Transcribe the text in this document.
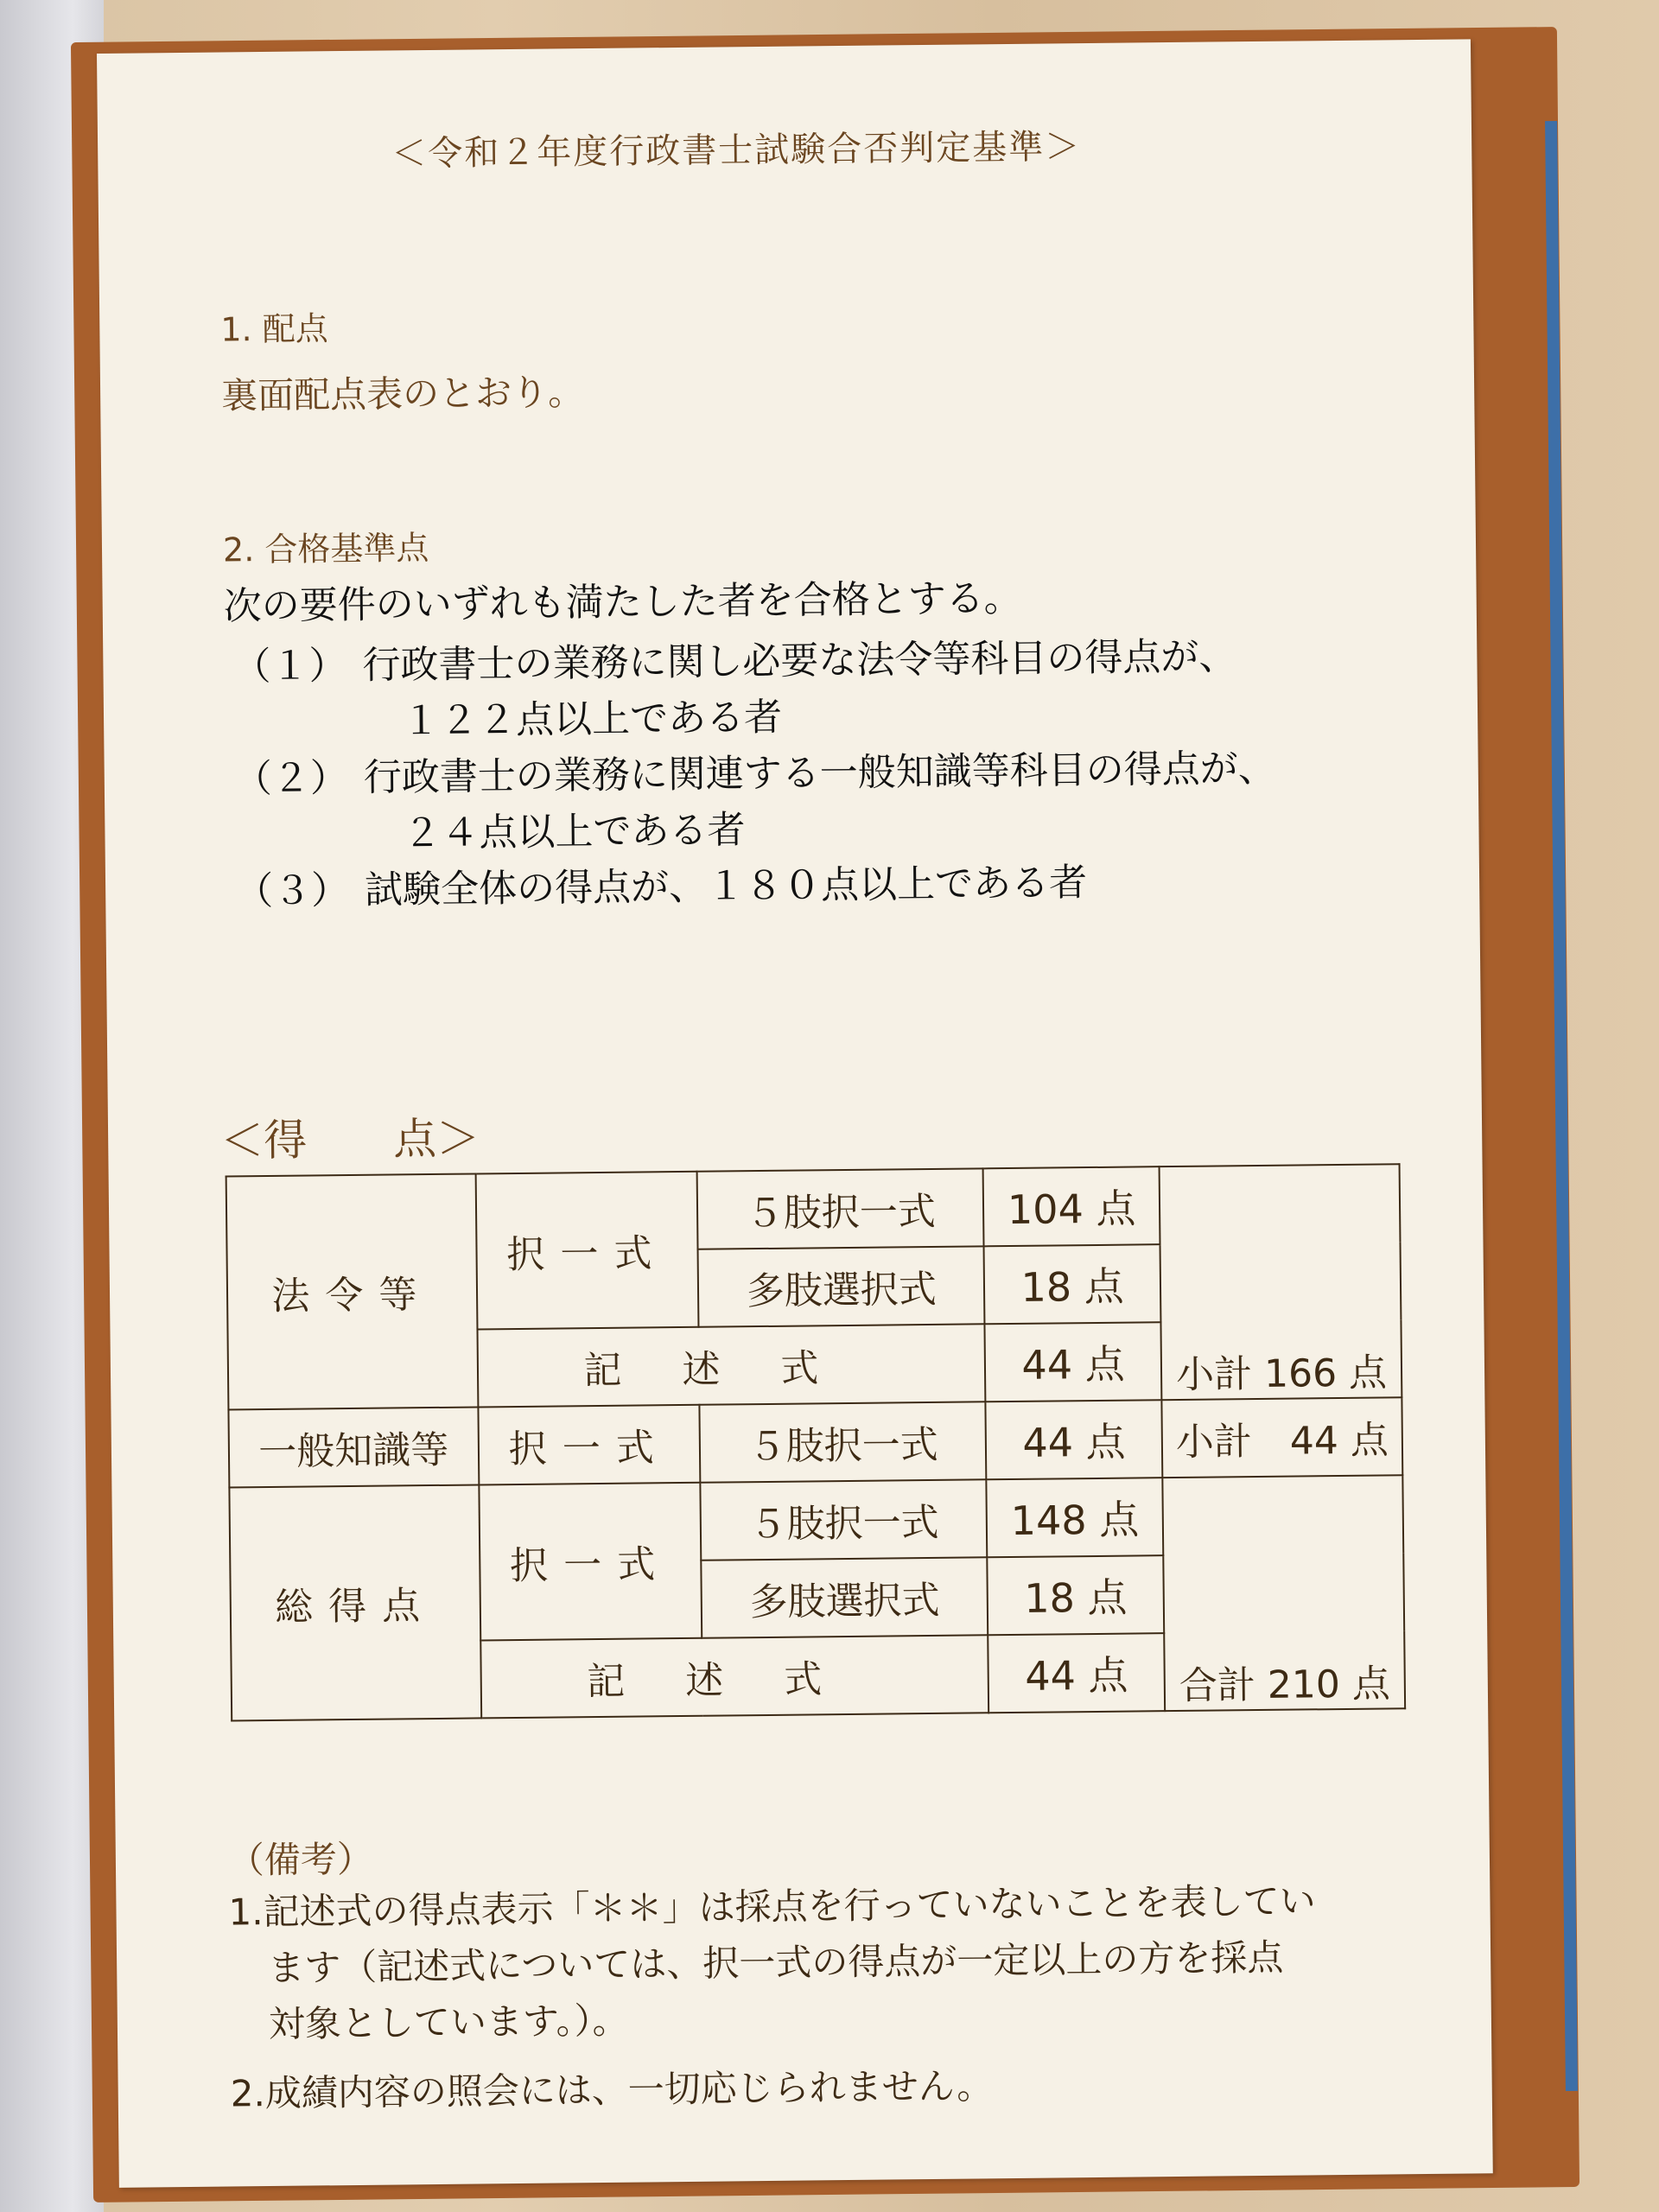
＜令和２年度行政書士試験合否判定基準＞
1. 配点
裏面配点表のとおり。
2. 合格基準点
次の要件のいずれも満たした者を合格とする。
（１） 行政書士の業務に関し必要な法令等科目の得点が、
１２２点以上である者
（２） 行政書士の業務に関連する一般知識等科目の得点が、
２４点以上である者
（３） 試験全体の得点が、１８０点以上である者
＜得　　点＞
法令等	択一式	５肢択一式	104 点	小計 166 点
		多肢選択式	18 点	
	記述式		44 点	
一般知識等	択一式	５肢択一式	44 点	小計　44 点
総得点	択一式	５肢択一式	148 点	合計 210 点
		多肢選択式	18 点	
	記述式		44 点	
（備考）
1.記述式の得点表示「＊＊」は採点を行っていないことを表してい
ます（記述式については、択一式の得点が一定以上の方を採点
対象としています。）。
2.成績内容の照会には、一切応じられません。
